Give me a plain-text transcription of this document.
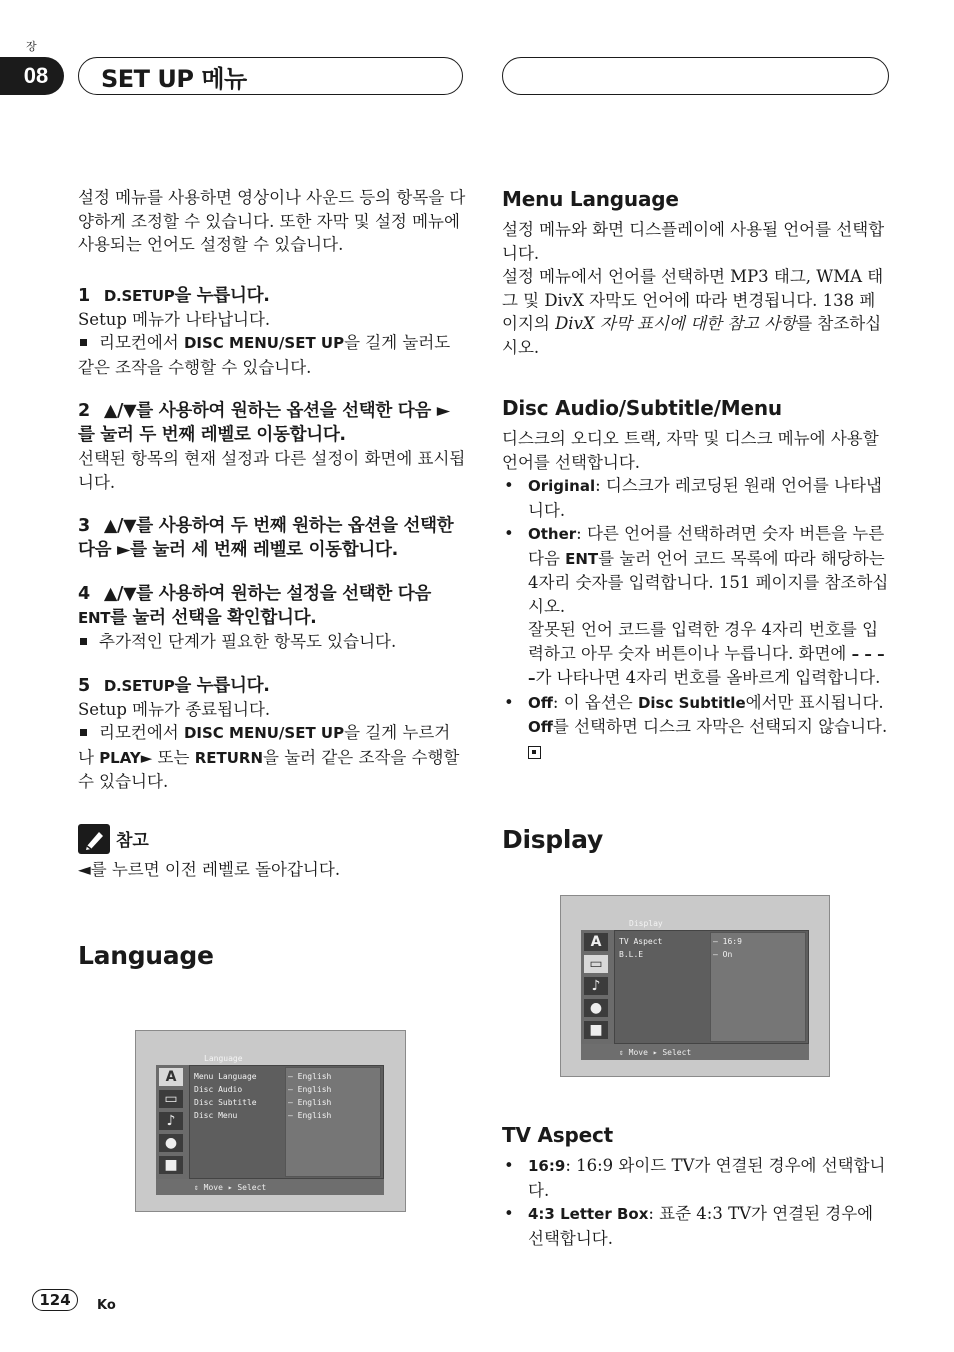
장
08	SET UP 메뉴

설정 메뉴를 사용하면 영상이나 사운드 등의 항목을 다양하게 조정할 수 있습니다. 또한 자막 및 설정 메뉴에 사용되는 언어도 설정할 수 있습니다.

1 D.SETUP을 누릅니다.

Setup 메뉴가 나타납니다.

리모컨에서 DISC MENU/SET UP을 길게 눌러도 같은 조작을 수행할 수 있습니다.

2 ▲/▼를 사용하여 원하는 옵션을 선택한 다음 ►를 눌러 두 번째 레벨로 이동합니다.

선택된 항목의 현재 설정과 다른 설정이 화면에 표시됩니다.

3 ▲/▼를 사용하여 두 번째 원하는 옵션을 선택한 다음 ►를 눌러 세 번째 레벨로 이동합니다.

4 ▲/▼를 사용하여 원하는 설정을 선택한 다음 ENT를 눌러 선택을 확인합니다.

추가적인 단계가 필요한 항목도 있습니다.

5 D.SETUP을 누릅니다.

Setup 메뉴가 종료됩니다.

리모컨에서 DISC MENU/SET UP을 길게 누르거나 PLAY► 또는 RETURN을 눌러 같은 조작을 수행할 수 있습니다.

참고

◄를 누르면 이전 레벨로 돌아갑니다.

Language
Language
A
▭
♪
●
■
Menu Language	– English
Disc Audio	– English
Disc Subtitle	– English
Disc Menu	– English
⇕ Move ▸ Select
Menu Language

설정 메뉴와 화면 디스플레이에 사용될 언어를 선택합니다.

설정 메뉴에서 언어를 선택하면 MP3 태그, WMA 태그 및 DivX 자막도 언어에 따라 변경됩니다. 138 페이지의 DivX 자막 표시에 대한 참고 사항를 참조하십시오.

Disc Audio/Subtitle/Menu

디스크의 오디오 트랙, 자막 및 디스크 메뉴에 사용할 언어를 선택합니다.

• Original: 디스크가 레코딩된 원래 언어를 나타냅니다.
• Other: 다른 언어를 선택하려면 숫자 버튼을 누른 다음 ENT를 눌러 언어 코드 목록에 따라 해당하는 4자리 숫자를 입력합니다. 151 페이지를 참조하십시오.
잘못된 언어 코드를 입력한 경우 4자리 번호를 입력하고 아무 숫자 버튼이나 누릅니다. 화면에 – – – –가 나타나면 4자리 번호를 올바르게 입력합니다.
• Off: 이 옵션은 Disc Subtitle에서만 표시됩니다. Off를 선택하면 디스크 자막은 선택되지 않습니다.
Display
Display
A
▭
♪
●
■
TV Aspect	– 16:9
B.L.E	– On
⇕ Move ▸ Select
TV Aspect
• 16:9: 16:9 와이드 TV가 연결된 경우에 선택합니다.
• 4:3 Letter Box: 표준 4:3 TV가 연결된 경우에 선택합니다.
124	Ko
